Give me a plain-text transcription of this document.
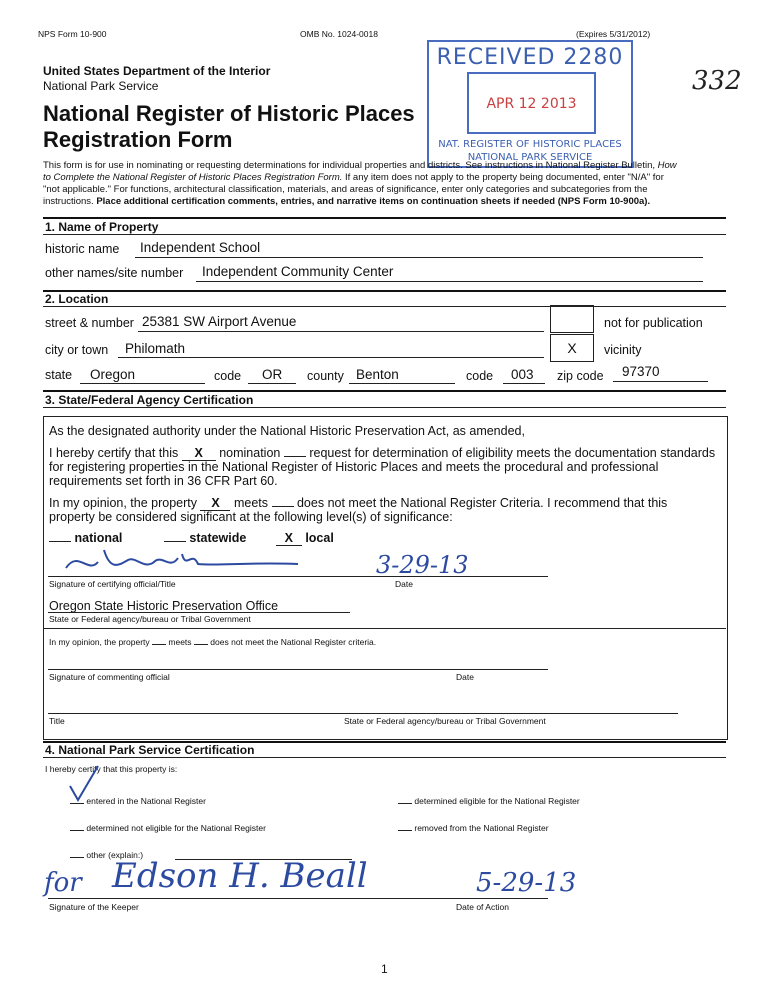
NPS Form 10-900	OMB No. 1024-0018	(Expires 5/31/2012)
United States Department of the Interior
National Park Service
National Register of Historic Places
Registration Form
RECEIVED 2280
APR 12 2013
NAT. REGISTER OF HISTORIC PLACES
NATIONAL PARK SERVICE
332
This form is for use in nominating or requesting determinations for individual properties and districts. See instructions in National Register Bulletin, How
to Complete the National Register of Historic Places Registration Form. If any item does not apply to the property being documented, enter "N/A" for
"not applicable." For functions, architectural classification, materials, and areas of significance, enter only categories and subcategories from the
instructions. Place additional certification comments, entries, and narrative items on continuation sheets if needed (NPS Form 10-900a).
1. Name of Property
historic name Independent School
other names/site number Independent Community Center
2. Location
street & number 25381 SW Airport Avenue	not for publication
city or town Philomath	X	vicinity
state Oregon	code OR county Benton	code 003 zip code 97370
3. State/Federal Agency Certification
As the designated authority under the National Historic Preservation Act, as amended,
I hereby certify that this X nomination request for determination of eligibility meets the documentation standards
for registering properties in the National Register of Historic Places and meets the procedural and professional
requirements set forth in 36 CFR Part 60.
In my opinion, the property X meets does not meet the National Register Criteria. I recommend that this
property be considered significant at the following level(s) of significance:
national	statewide	X local
3-29-13
Signature of certifying official/Title	Date
Oregon State Historic Preservation Office
State or Federal agency/bureau or Tribal Government
In my opinion, the property meets does not meet the National Register criteria.
Signature of commenting official	Date
Title	State or Federal agency/bureau or Tribal Government
4. National Park Service Certification
I hereby certify that this property is:
entered in the National Register	determined eligible for the National Register
determined not eligible for the National Register	removed from the National Register
other (explain:)
for Edson H. Beall	5-29-13
Signature of the Keeper	Date of Action
1
